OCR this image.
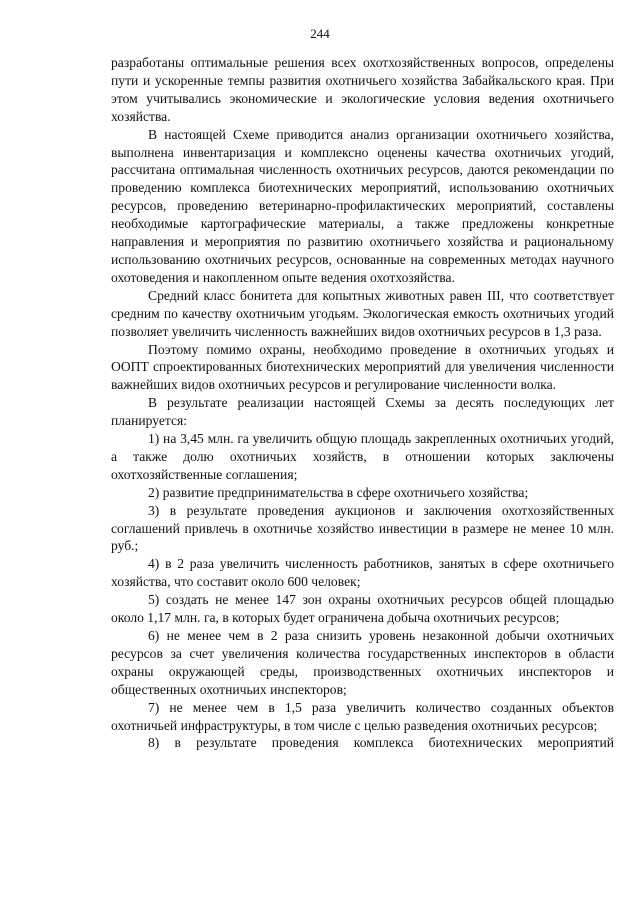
244

разработаны оптимальные решения всех охотхозяйственных вопросов, определены пути и ускоренные темпы развития охотничьего хозяйства Забайкальского края. При этом учитывались экономические и экологические условия ведения охотничьего хозяйства.

В настоящей Схеме приводится анализ организации охотничьего хозяйства, выполнена инвентаризация и комплексно оценены качества охотничьих угодий, рассчитана оптимальная численность охотничьих ресурсов, даются рекомендации по проведению комплекса биотехнических мероприятий, использованию охотничьих ресурсов, проведению ветеринарно-профилактических мероприятий, составлены необходимые картографические материалы, а также предложены конкретные направления и мероприятия по развитию охотничьего хозяйства и рациональному использованию охотничьих ресурсов, основанные на современных методах научного охотоведения и накопленном опыте ведения охотхозяйства.

Средний класс бонитета для копытных животных равен III, что соответствует средним по качеству охотничьим угодьям. Экологическая емкость охотничьих угодий позволяет увеличить численность важнейших видов охотничьих ресурсов в 1,3 раза.

Поэтому помимо охраны, необходимо проведение в охотничьих угодьях и ООПТ спроектированных биотехнических мероприятий для увеличения численности важнейших видов охотничьих ресурсов и регулирование численности волка.

В результате реализации настоящей Схемы за десять последующих лет планируется:

1) на 3,45 млн. га увеличить общую площадь закрепленных охотничьих угодий, а также долю охотничьих хозяйств, в отношении которых заключены охотхозяйственные соглашения;

2) развитие предпринимательства в сфере охотничьего хозяйства;

3) в результате проведения аукционов и заключения охотхозяйственных соглашений привлечь в охотничье хозяйство инвестиции в размере не менее 10 млн. руб.;

4) в 2 раза увеличить численность работников, занятых в сфере охотничьего хозяйства, что составит около 600 человек;

5) создать не менее 147 зон охраны охотничьих ресурсов общей площадью около 1,17 млн. га, в которых будет ограничена добыча охотничьих ресурсов;

6) не менее чем в 2 раза снизить уровень незаконной добычи охотничьих ресурсов за счет увеличения количества государственных инспекторов в области охраны окружающей среды, производственных охотничьих инспекторов и общественных охотничьих инспекторов;

7) не менее чем в 1,5 раза увеличить количество созданных объектов охотничьей инфраструктуры, в том числе с целью разведения охотничьих ресурсов;

8) в результате проведения комплекса биотехнических мероприятий
